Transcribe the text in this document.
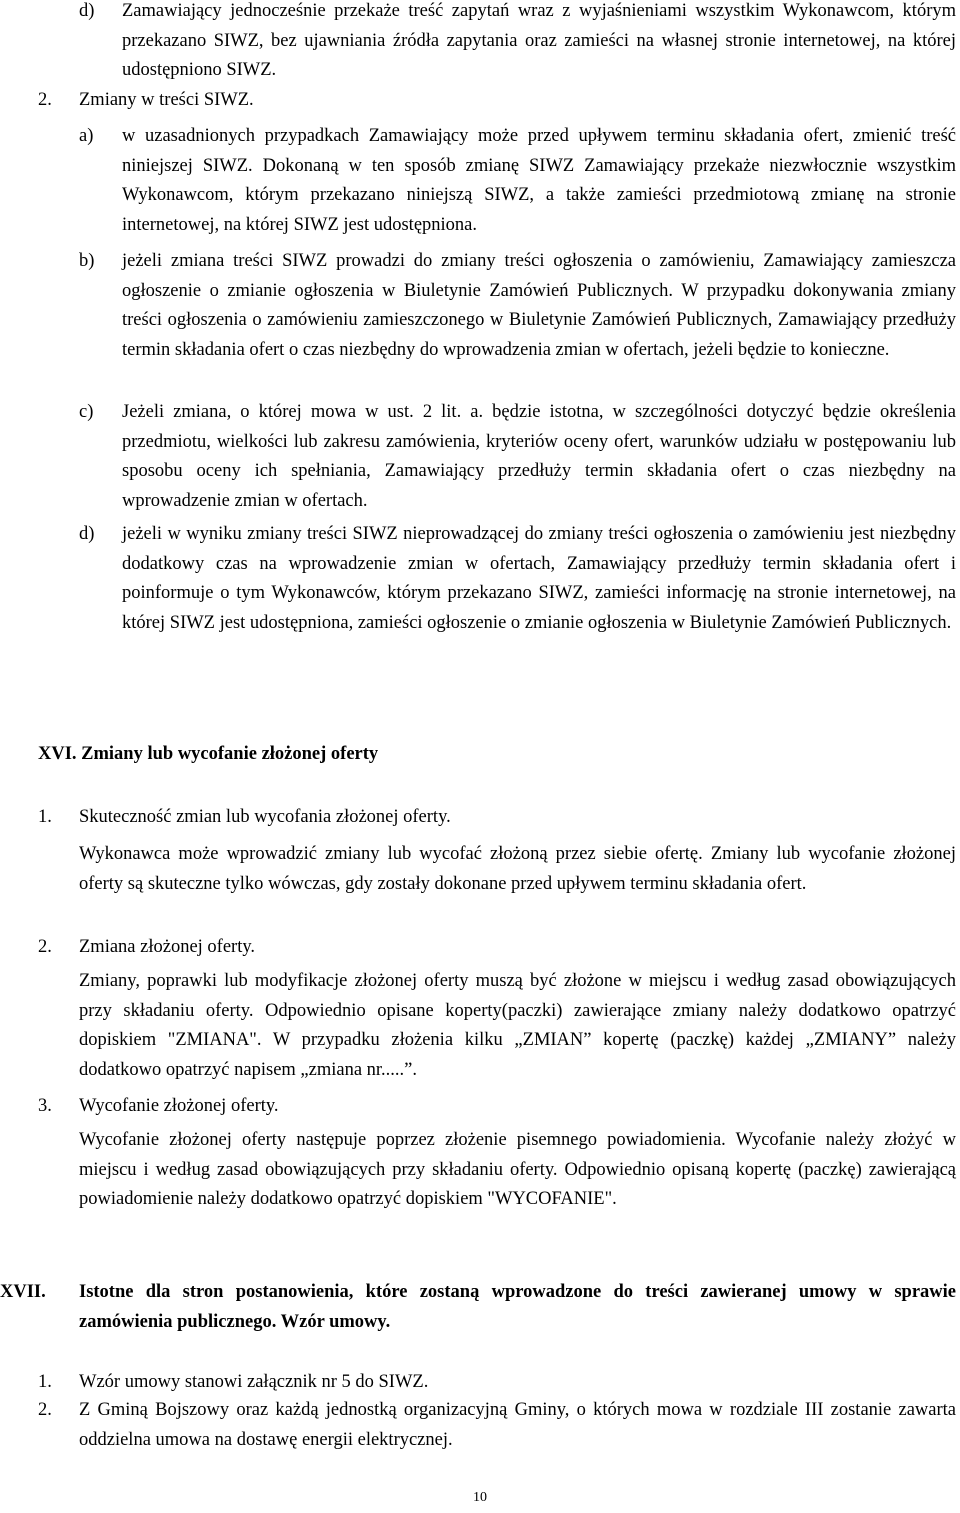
d) Zamawiający jednocześnie przekaże treść zapytań wraz z wyjaśnieniami wszystkim Wykonawcom, którym przekazano SIWZ, bez ujawniania źródła zapytania oraz zamieści na własnej stronie internetowej, na której udostępniono SIWZ.
2. Zmiany w treści SIWZ.
a) w uzasadnionych przypadkach Zamawiający może przed upływem terminu składania ofert, zmienić treść niniejszej SIWZ. Dokonaną w ten sposób zmianę SIWZ Zamawiający przekaże niezwłocznie wszystkim Wykonawcom, którym przekazano niniejszą SIWZ, a także zamieści przedmiotową zmianę na stronie internetowej, na której SIWZ jest udostępniona.
b) jeżeli zmiana treści SIWZ prowadzi do zmiany treści ogłoszenia o zamówieniu, Zamawiający zamieszcza ogłoszenie o zmianie ogłoszenia w Biuletynie Zamówień Publicznych. W przypadku dokonywania zmiany treści ogłoszenia o zamówieniu zamieszczonego w Biuletynie Zamówień Publicznych, Zamawiający przedłuży termin składania ofert o czas niezbędny do wprowadzenia zmian w ofertach, jeżeli będzie to konieczne.
c) Jeżeli zmiana, o której mowa w ust. 2 lit. a. będzie istotna, w szczególności dotyczyć będzie określenia przedmiotu, wielkości lub zakresu zamówienia, kryteriów oceny ofert, warunków udziału w postępowaniu lub sposobu oceny ich spełniania, Zamawiający przedłuży termin składania ofert o czas niezbędny na wprowadzenie zmian w ofertach.
d) jeżeli w wyniku zmiany treści SIWZ nieprowadzącej do zmiany treści ogłoszenia o zamówieniu jest niezbędny dodatkowy czas na wprowadzenie zmian w ofertach, Zamawiający przedłuży termin składania ofert i poinformuje o tym Wykonawców, którym przekazano SIWZ, zamieści informację na stronie internetowej, na której SIWZ jest udostępniona, zamieści ogłoszenie o zmianie ogłoszenia w Biuletynie Zamówień Publicznych.
XVI. Zmiany lub wycofanie złożonej oferty
1. Skuteczność zmian lub wycofania złożonej oferty.
Wykonawca może wprowadzić zmiany lub wycofać złożoną przez siebie ofertę. Zmiany lub wycofanie złożonej oferty są skuteczne tylko wówczas, gdy zostały dokonane przed upływem terminu składania ofert.
2. Zmiana złożonej oferty.
Zmiany, poprawki lub modyfikacje złożonej oferty muszą być złożone w miejscu i według zasad obowiązujących przy składaniu oferty. Odpowiednio opisane koperty(paczki) zawierające zmiany należy dodatkowo opatrzyć dopiskiem "ZMIANA". W przypadku złożenia kilku „ZMIAN” kopertę (paczkę) każdej „ZMIANY” należy dodatkowo opatrzyć napisem „zmiana nr.....”.
3. Wycofanie złożonej oferty.
Wycofanie złożonej oferty następuje poprzez złożenie pisemnego powiadomienia. Wycofanie należy złożyć w miejscu i według zasad obowiązujących przy składaniu oferty. Odpowiednio opisaną kopertę (paczkę) zawierającą powiadomienie należy dodatkowo opatrzyć dopiskiem "WYCOFANIE".
XVII. Istotne dla stron postanowienia, które zostaną wprowadzone do treści zawieranej umowy w sprawie zamówienia publicznego. Wzór umowy.
1. Wzór umowy stanowi załącznik nr 5 do SIWZ.
2. Z Gminą Bojszowy oraz każdą jednostką organizacyjną Gminy, o których mowa w rozdziale III zostanie zawarta oddzielna umowa na dostawę energii elektrycznej.
10
